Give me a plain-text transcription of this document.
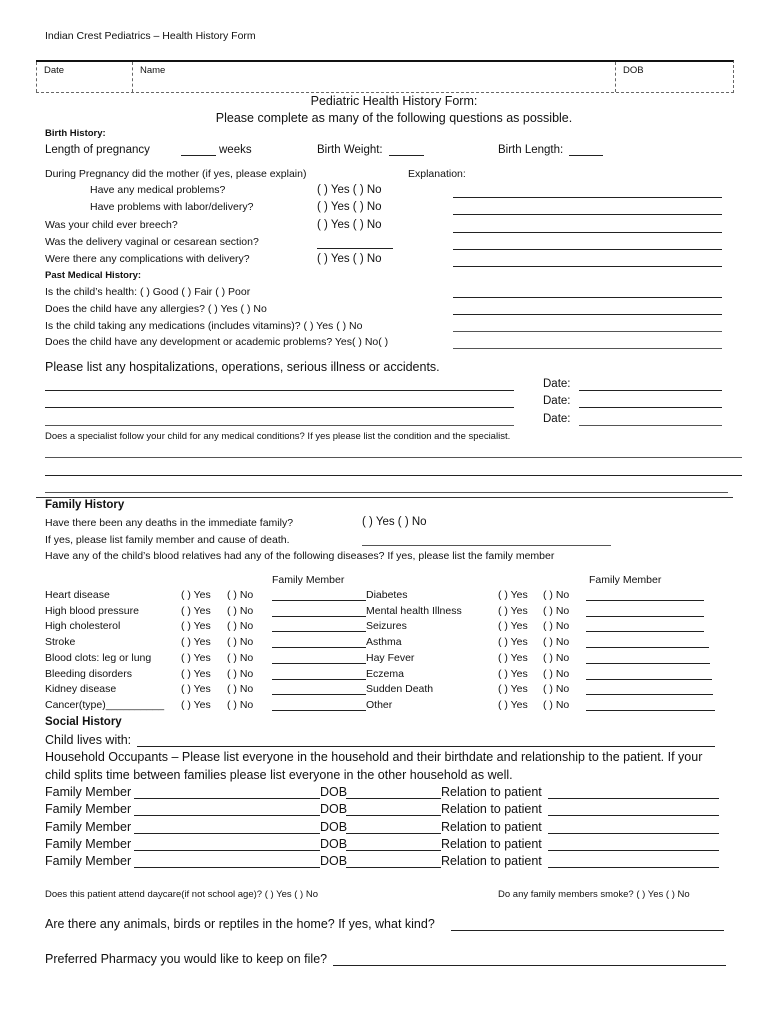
Indian Crest Pediatrics – Health History Form
Date	Name	DOB
Pediatric Health History Form:
Please complete as many of the following questions as possible.
Birth History:
Length of pregnancy	weeks	Birth Weight:	Birth Length:
During Pregnancy did the mother (if yes, please explain)	Explanation:
Have any medical problems?	( ) Yes ( ) No
Have problems with labor/delivery?	( ) Yes ( ) No
Was your child ever breech?	( ) Yes ( ) No
Was the delivery vaginal or cesarean section?
Were there any complications with delivery?	( ) Yes ( ) No
Past Medical History:
Is the child’s health: ( ) Good ( ) Fair ( ) Poor
Does the child have any allergies? ( ) Yes ( ) No
Is the child taking any medications (includes vitamins)? ( ) Yes ( ) No
Does the child have any development or academic problems? Yes( ) No( )
Please list any hospitalizations, operations, serious illness or accidents.
Date:
Date:
Date:
Does a specialist follow your child for any medical conditions? If yes please list the condition and the specialist.
Family History
Have there been any deaths in the immediate family?	( ) Yes ( ) No
If yes, please list family member and cause of death.
Have any of the child’s blood relatives had any of the following diseases? If yes, please list the family member
Family Member	Family Member
Heart disease	( ) Yes ( ) No	Diabetes	( ) Yes ( ) No
High blood pressure	( ) Yes ( ) No	Mental health Illness	( ) Yes ( ) No
High cholesterol	( ) Yes ( ) No	Seizures	( ) Yes ( ) No
Stroke	( ) Yes ( ) No	Asthma	( ) Yes ( ) No
Blood clots: leg or lung	( ) Yes ( ) No	Hay Fever	( ) Yes ( ) No
Bleeding disorders	( ) Yes ( ) No	Eczema	( ) Yes ( ) No
Kidney disease	( ) Yes ( ) No	Sudden Death	( ) Yes ( ) No
Cancer(type)__________ ( ) Yes ( ) No	Other	( ) Yes ( ) No
Social History
Child lives with:
Household Occupants – Please list everyone in the household and their birthdate and relationship to the patient. If your
child splits time between families please list everyone in the other household as well.
Family Member	DOB	Relation to patient
Family Member	DOB	Relation to patient
Family Member	DOB	Relation to patient
Family Member	DOB	Relation to patient
Family Member	DOB	Relation to patient
Does this patient attend daycare(if not school age)? ( ) Yes ( ) No	Do any family members smoke? ( ) Yes ( ) No
Are there any animals, birds or reptiles in the home? If yes, what kind?
Preferred Pharmacy you would like to keep on file?
